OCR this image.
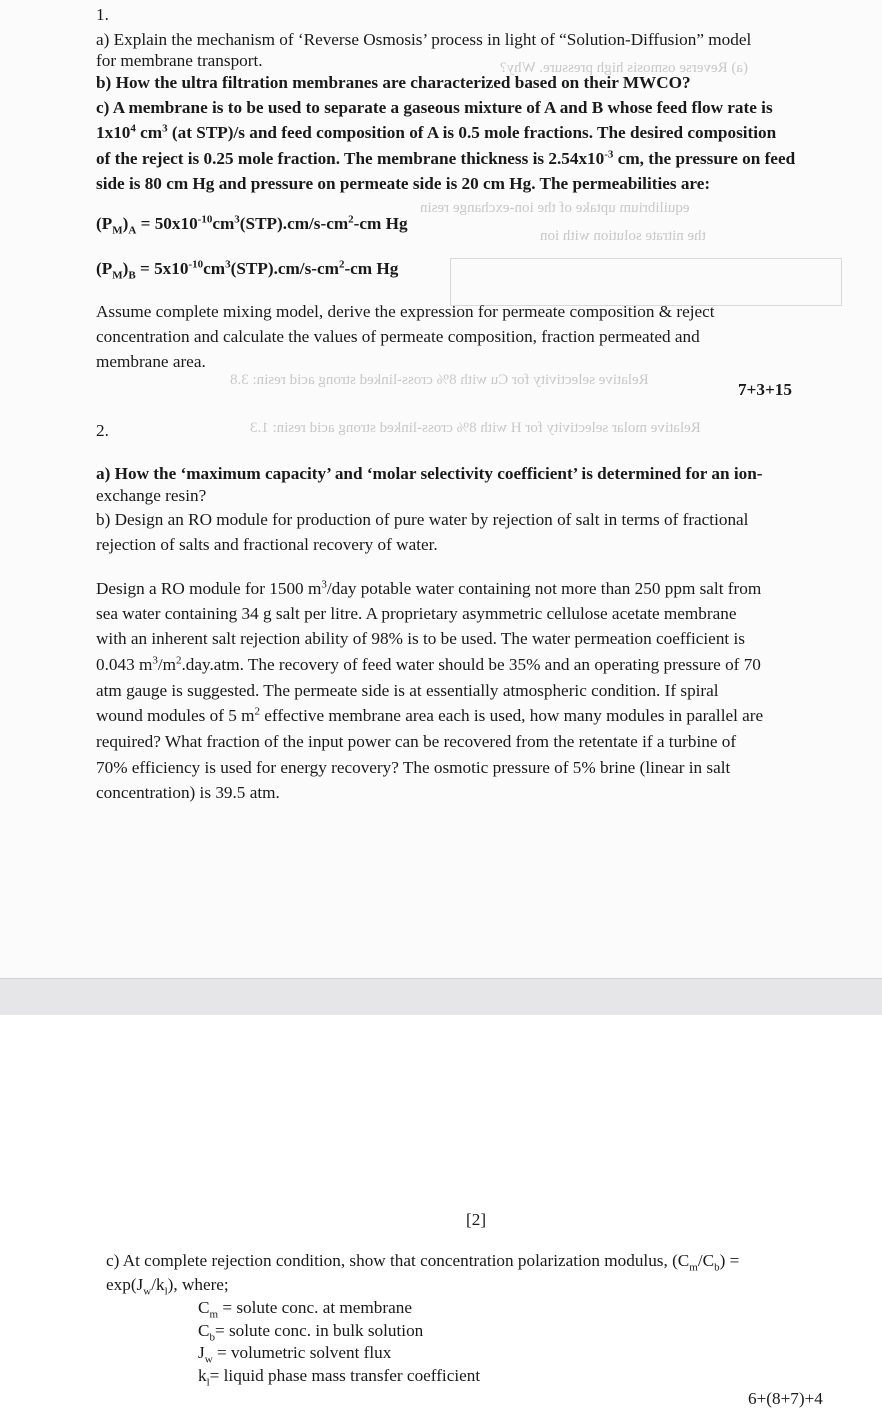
(a) Reverse osmosis high pressure. Why?
equilibrium uptake of the ion-exchange resin
the nitrate solution with ion
Relative selectivity for Cu with 8% cross-linked strong acid resin: 3.8
Relative molar selectivity for H with 8% cross-linked strong acid resin: 1.3
1.
a) Explain the mechanism of ‘Reverse Osmosis’ process in light of “Solution-Diffusion” model
for membrane transport.
b) How the ultra filtration membranes are characterized based on their MWCO?
c) A membrane is to be used to separate a gaseous mixture of A and B whose feed flow rate is
$1x10^4$ $cm^3$ (at STP)/s and feed composition of A is 0.5 mole fractions. The desired composition
of the reject is 0.25 mole fraction. The membrane thickness is $2.54x10^{-3}$ cm, the pressure on feed
side is 80 cm Hg and pressure on permeate side is 20 cm Hg. The permeabilities are:
$(P_M)_A = 50x10^{-10}cm^3(STP).cm/s-cm^2-cm$ Hg
$(P_M)_B = 5x10^{-10}cm^3(STP).cm/s-cm^2-cm$ Hg
Assume complete mixing model, derive the expression for permeate composition & reject
concentration and calculate the values of permeate composition, fraction permeated and
membrane area.
7+3+15
2.
a) How the ‘maximum capacity’ and ‘molar selectivity coefficient’ is determined for an ion-
exchange resin?
b) Design an RO module for production of pure water by rejection of salt in terms of fractional
rejection of salts and fractional recovery of water.
Design a RO module for 1500 $m^3$/day potable water containing not more than 250 ppm salt from
sea water containing 34 g salt per litre. A proprietary asymmetric cellulose acetate membrane
with an inherent salt rejection ability of 98% is to be used. The water permeation coefficient is
0.043 $m^3/m^2.day.atm$. The recovery of feed water should be 35% and an operating pressure of 70
atm gauge is suggested. The permeate side is at essentially atmospheric condition. If spiral
wound modules of 5 $m^2$ effective membrane area each is used, how many modules in parallel are
required? What fraction of the input power can be recovered from the retentate if a turbine of
70% efficiency is used for energy recovery? The osmotic pressure of 5% brine (linear in salt
concentration) is 39.5 atm.
[2]
c) At complete rejection condition, show that concentration polarization modulus, $(C_m/C_b)$ =
$\exp(J_w/k_l)$, where;
$C_m$ = solute conc. at membrane
$C_b=$ solute conc. in bulk solution
$J_w$ = volumetric solvent flux
$k_l=$ liquid phase mass transfer coefficient
6+(8+7)+4
